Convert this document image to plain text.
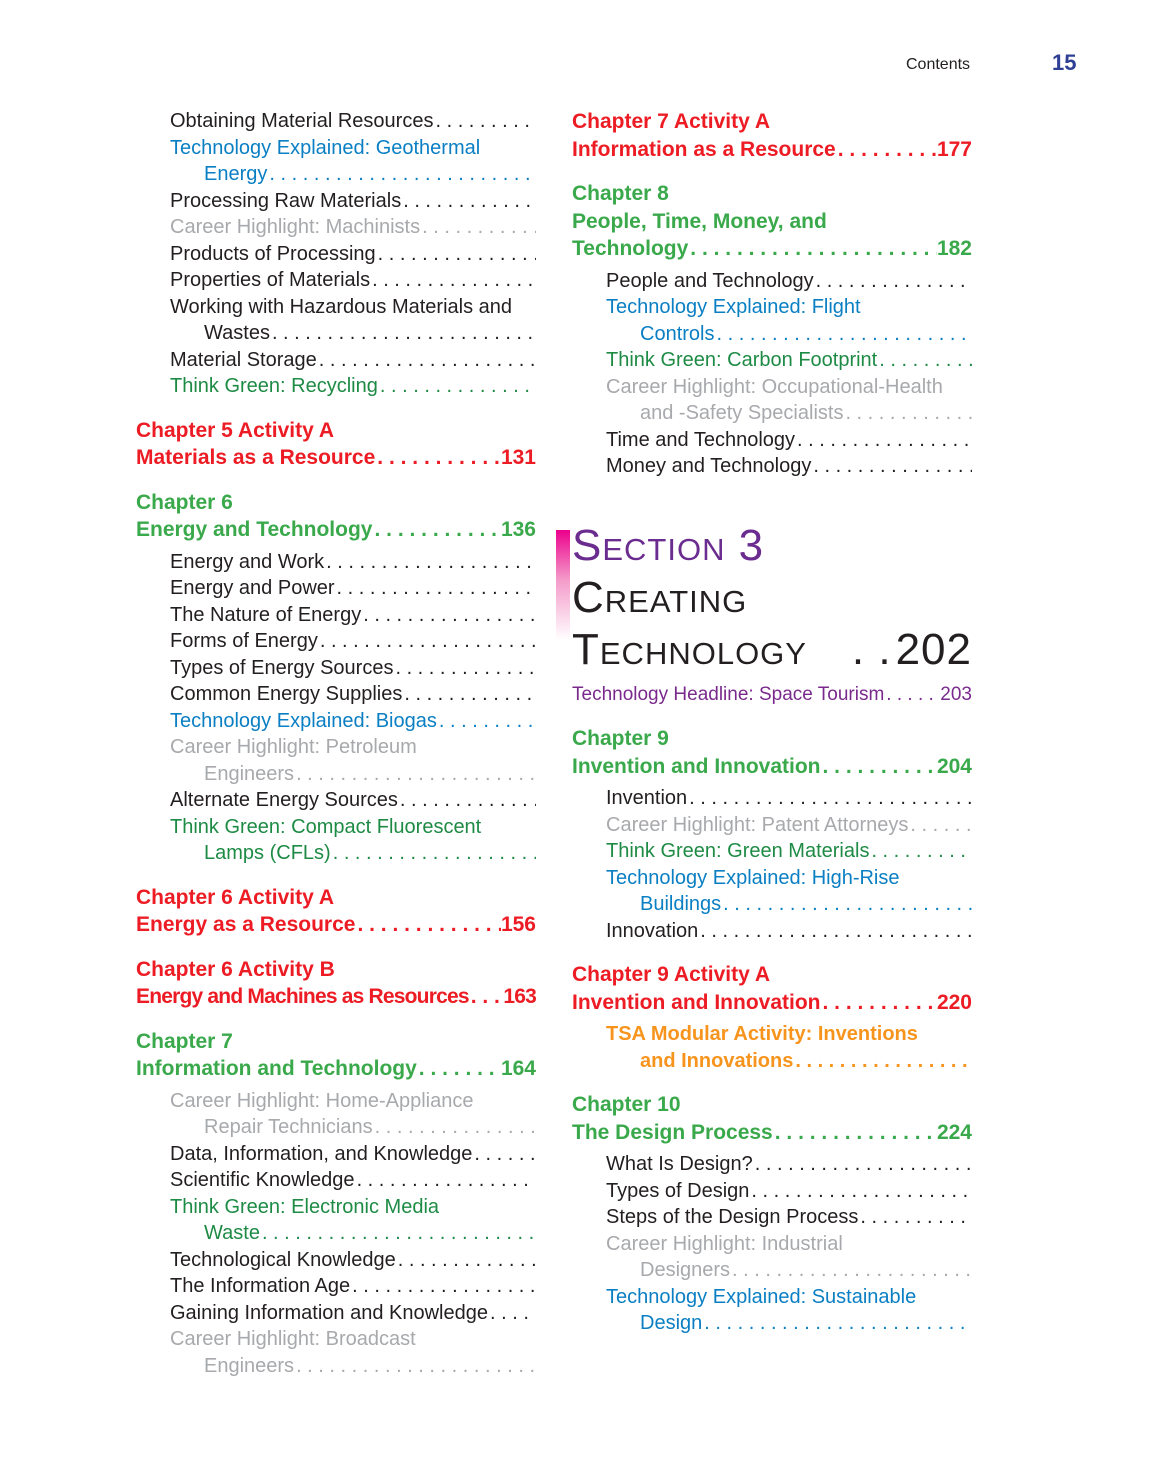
Contents	15
Obtaining Material Resources. . .
Technology Explained: Geothermal
Energy. . .
Processing Raw Materials. . .
Career Highlight: Machinists. . .
Products of Processing. . .
Properties of Materials. . .
Working with Hazardous Materials and
Wastes. . .
Material Storage. . .
Think Green: Recycling. . .
Chapter 5 Activity A
Materials as a Resource . . .	131
Chapter 6
Energy and Technology . . .	136
Energy and Work. . .
Energy and Power. . .
The Nature of Energy. . .
Forms of Energy. . .
Types of Energy Sources. . .
Common Energy Supplies. . .
Technology Explained: Biogas. . .
Career Highlight: Petroleum
Engineers. . .
Alternate Energy Sources. . .
Think Green: Compact Fluorescent
Lamps (CFLs). . .
Chapter 6 Activity A
Energy as a Resource . . .	156
Chapter 6 Activity B
Energy and Machines as Resources . . . 163
Chapter 7
Information and Technology . . .	164
Career Highlight: Home-Appliance
Repair Technicians. . .
Data, Information, and Knowledge. . .
Scientific Knowledge. . .
Think Green: Electronic Media
Waste. . .
Technological Knowledge. . .
The Information Age. . .
Gaining Information and Knowledge. . .
Career Highlight: Broadcast
Engineers. . .
Chapter 7 Activity A
Information as a Resource . . .	177
Chapter 8
People, Time, Money, and
Technology . . .	182
People and Technology. . .
Technology Explained: Flight
Controls. . .
Think Green: Carbon Footprint. . .
Career Highlight: Occupational-Health
and -Safety Specialists. . .
Time and Technology. . .
Money and Technology. . .
Section 3
Creating
Technology	. . 202
Technology Headline: Space Tourism . . .	203
Chapter 9
Invention and Innovation . . .	204
Invention. . .
Career Highlight: Patent Attorneys. . .
Think Green: Green Materials. . .
Technology Explained: High-Rise
Buildings. . .
Innovation. . .
Chapter 9 Activity A
Invention and Innovation . . .	220
TSA Modular Activity: Inventions
and Innovations. . .
Chapter 10
The Design Process . . .	224
What Is Design?. . .
Types of Design. . .
Steps of the Design Process. . .
Career Highlight: Industrial
Designers. . .
Technology Explained: Sustainable
Design. . .
